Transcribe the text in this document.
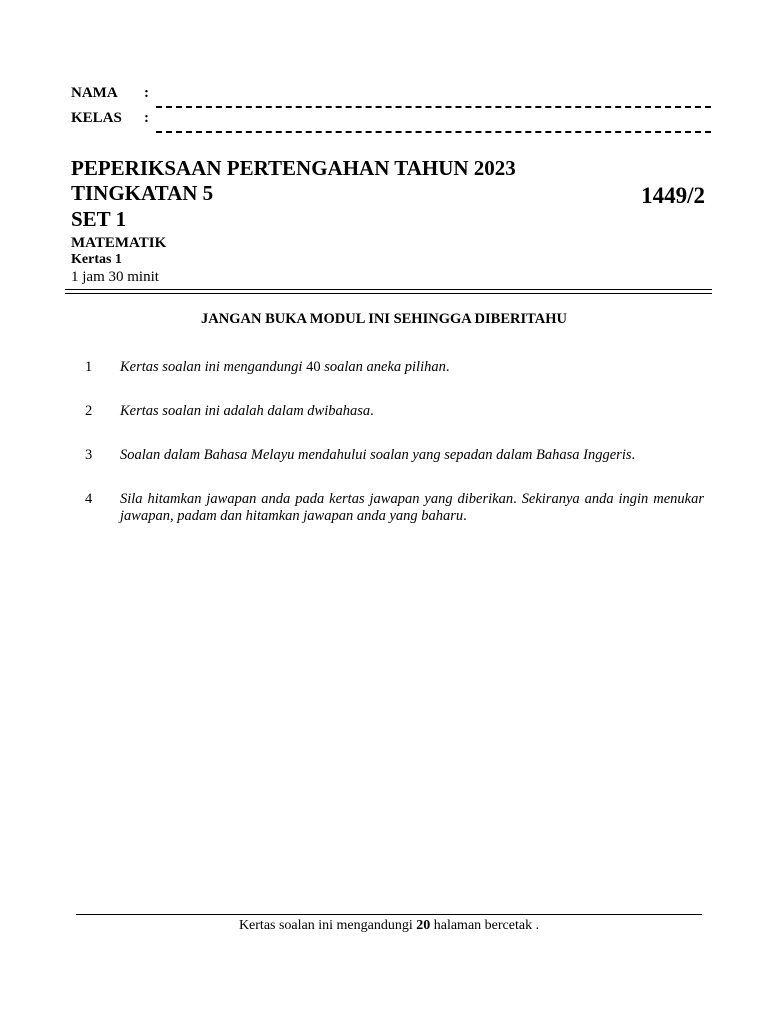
NAMA :
KELAS :
PEPERIKSAAN PERTENGAHAN TAHUN 2023
TINGKATAN 5
SET 1
MATEMATIK
Kertas 1
1 jam 30 minit
1449/2
JANGAN BUKA MODUL INI SEHINGGA DIBERITAHU
1 Kertas soalan ini mengandungi 40 soalan aneka pilihan.
2 Kertas soalan ini adalah dalam dwibahasa.
3 Soalan dalam Bahasa Melayu mendahului soalan yang sepadan dalam Bahasa Inggeris.
4 Sila hitamkan jawapan anda pada kertas jawapan yang diberikan. Sekiranya anda ingin menukar jawapan, padam dan hitamkan jawapan anda yang baharu.
Kertas soalan ini mengandungi 20 halaman bercetak .
